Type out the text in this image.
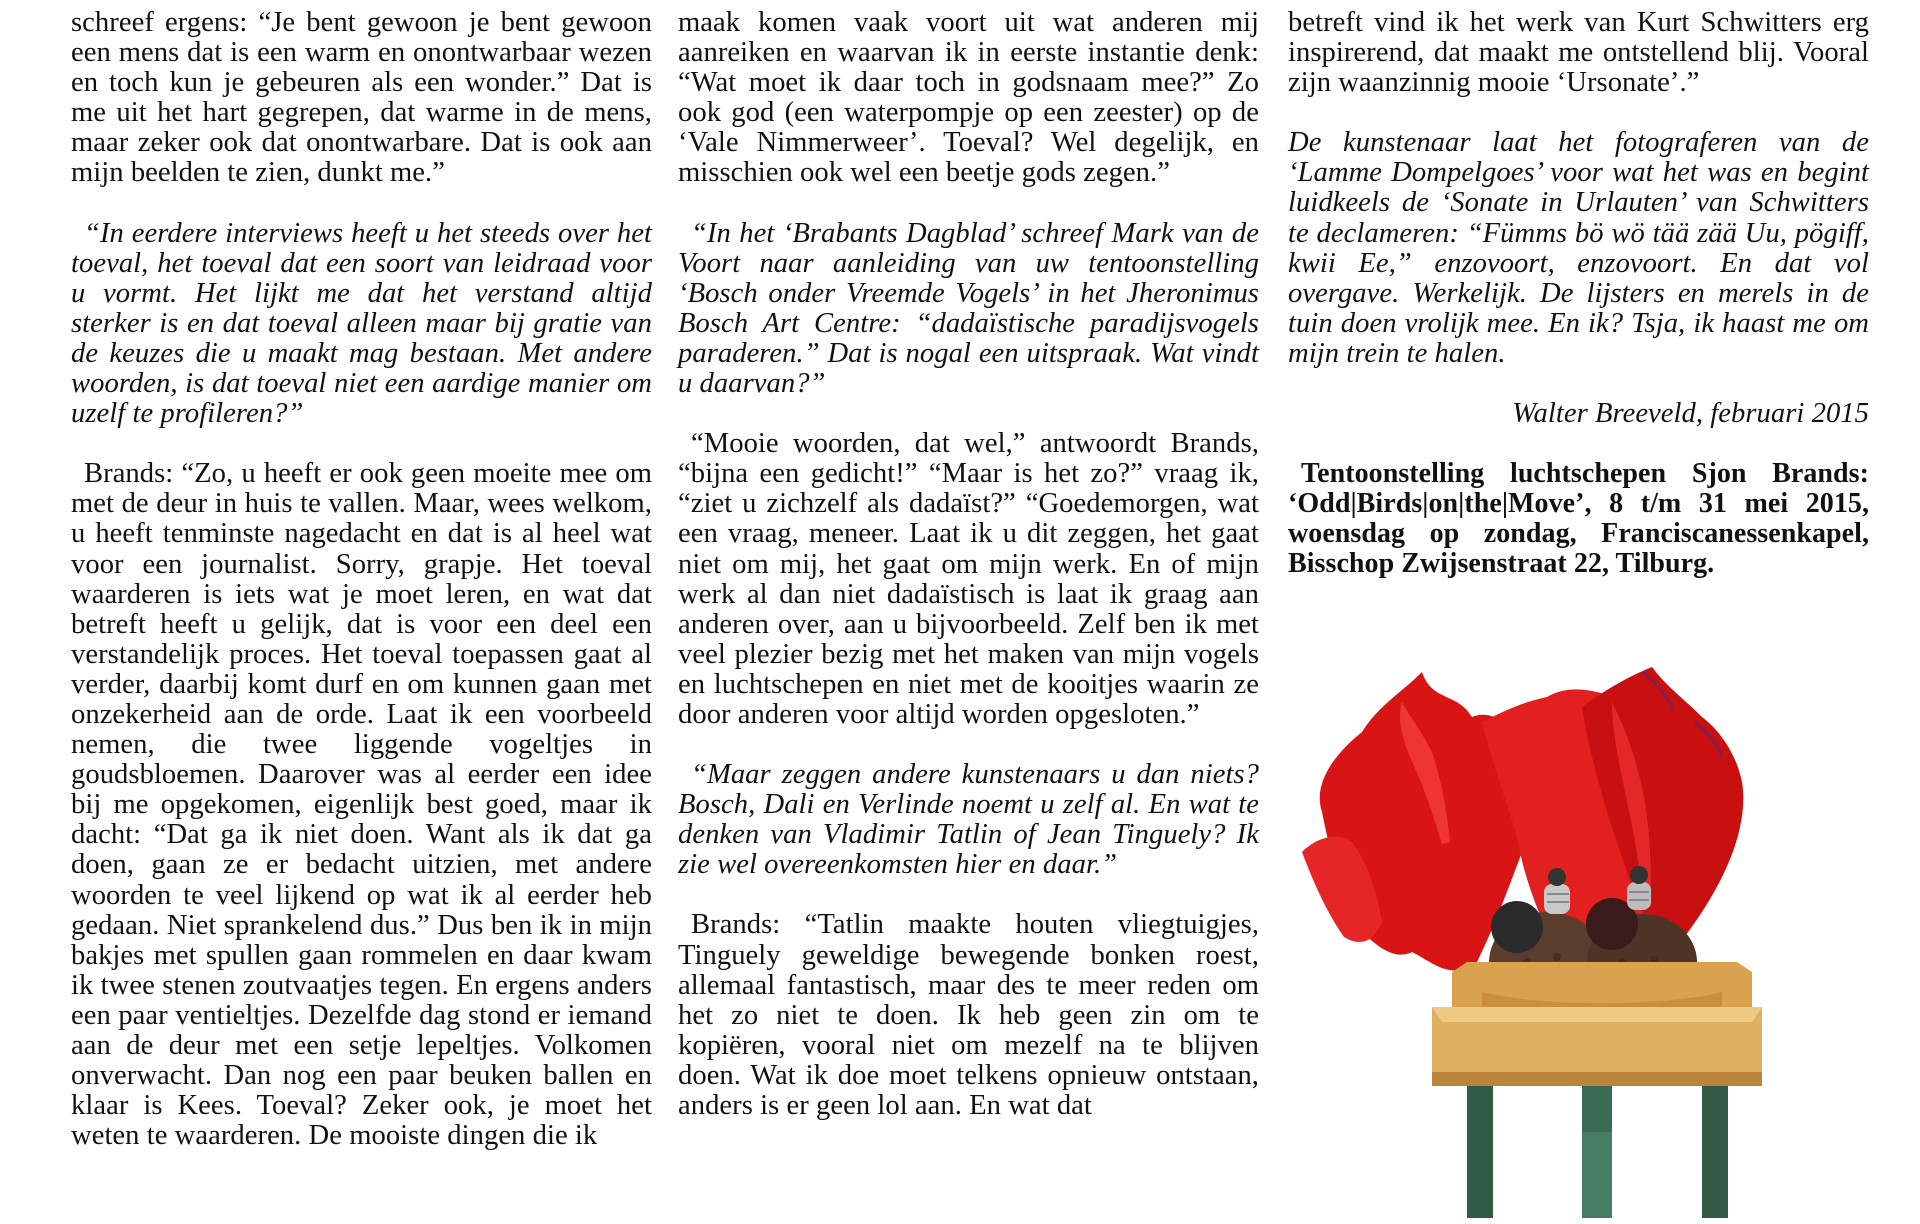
schreef ergens: “Je bent gewoon je bent gewoon een mens dat is een warm en onontwarbaar wezen en toch kun je gebeuren als een wonder.” Dat is me uit het hart gegrepen, dat warme in de mens, maar zeker ook dat onontwarbare. Dat is ook aan mijn beelden te zien, dunkt me.”

“In eerdere interviews heeft u het steeds over het toeval, het toeval dat een soort van leidraad voor u vormt. Het lijkt me dat het verstand altijd sterker is en dat toeval alleen maar bij gratie van de keuzes die u maakt mag bestaan. Met andere woorden, is dat toeval niet een aardige manier om uzelf te profileren?”

Brands: “Zo, u heeft er ook geen moeite mee om met de deur in huis te vallen. Maar, wees welkom, u heeft tenminste nagedacht en dat is al heel wat voor een journalist. Sorry, grapje. Het toeval waarderen is iets wat je moet leren, en wat dat betreft heeft u gelijk, dat is voor een deel een verstandelijk proces. Het toeval toepassen gaat al verder, daarbij komt durf en om kunnen gaan met onzekerheid aan de orde. Laat ik een voorbeeld nemen, die twee liggende vogeltjes in goudsbloemen. Daarover was al eerder een idee bij me opgekomen, eigenlijk best goed, maar ik dacht: “Dat ga ik niet doen. Want als ik dat ga doen, gaan ze er bedacht uitzien, met andere woorden te veel lijkend op wat ik al eerder heb gedaan. Niet sprankelend dus.” Dus ben ik in mijn bakjes met spullen gaan rommelen en daar kwam ik twee stenen zoutvaatjes tegen. En ergens anders een paar ventieltjes. Dezelfde dag stond er iemand aan de deur met een setje lepeltjes. Volkomen onverwacht. Dan nog een paar beuken ballen en klaar is Kees. Toeval? Zeker ook, je moet het weten te waarderen. De mooiste dingen die ik

maak komen vaak voort uit wat anderen mij aanreiken en waarvan ik in eerste instantie denk: “Wat moet ik daar toch in godsnaam mee?” Zo ook god (een waterpompje op een zeester) op de ‘Vale Nimmerweer’. Toeval? Wel degelijk, en misschien ook wel een beetje gods zegen.”

“In het ‘Brabants Dagblad’ schreef Mark van de Voort naar aanleiding van uw tentoonstelling ‘Bosch onder Vreemde Vogels’ in het Jheronimus Bosch Art Centre: “dadaïstische paradijsvogels paraderen.” Dat is nogal een uitspraak. Wat vindt u daarvan?”

“Mooie woorden, dat wel,” antwoordt Brands, “bijna een gedicht!” “Maar is het zo?” vraag ik, “ziet u zichzelf als dadaïst?” “Goedemorgen, wat een vraag, meneer. Laat ik u dit zeggen, het gaat niet om mij, het gaat om mijn werk. En of mijn werk al dan niet dadaïstisch is laat ik graag aan anderen over, aan u bijvoorbeeld. Zelf ben ik met veel plezier bezig met het maken van mijn vogels en luchtschepen en niet met de kooitjes waarin ze door anderen voor altijd worden opgesloten.”

“Maar zeggen andere kunstenaars u dan niets? Bosch, Dali en Verlinde noemt u zelf al. En wat te denken van Vladimir Tatlin of Jean Tinguely? Ik zie wel overeenkomsten hier en daar.”

Brands: “Tatlin maakte houten vliegtuigjes, Tinguely geweldige bewegende bonken roest, allemaal fantastisch, maar des te meer reden om het zo niet te doen. Ik heb geen zin om te kopiëren, vooral niet om mezelf na te blijven doen. Wat ik doe moet telkens opnieuw ontstaan, anders is er geen lol aan. En wat dat

betreft vind ik het werk van Kurt Schwitters erg inspirerend, dat maakt me ontstellend blij. Vooral zijn waanzinnig mooie ‘Ursonate’.”

De kunstenaar laat het fotograferen van de ‘Lamme Dompelgoes’ voor wat het was en begint luidkeels de ‘Sonate in Urlauten’ van Schwitters te declameren: “Fümms bö wö tää zää Uu, pögiff, kwii Ee,” enzovoort, enzovoort. En dat vol overgave. Werkelijk. De lijsters en merels in de tuin doen vrolijk mee. En ik? Tsja, ik haast me om mijn trein te halen.

Walter Breeveld, februari 2015

Tentoonstelling luchtschepen Sjon Brands: ‘Odd|Birds|on|the|Move’, 8 t/m 31 mei 2015, woensdag op zondag, Franciscanessenkapel, Bisschop Zwijsenstraat 22, Tilburg.
